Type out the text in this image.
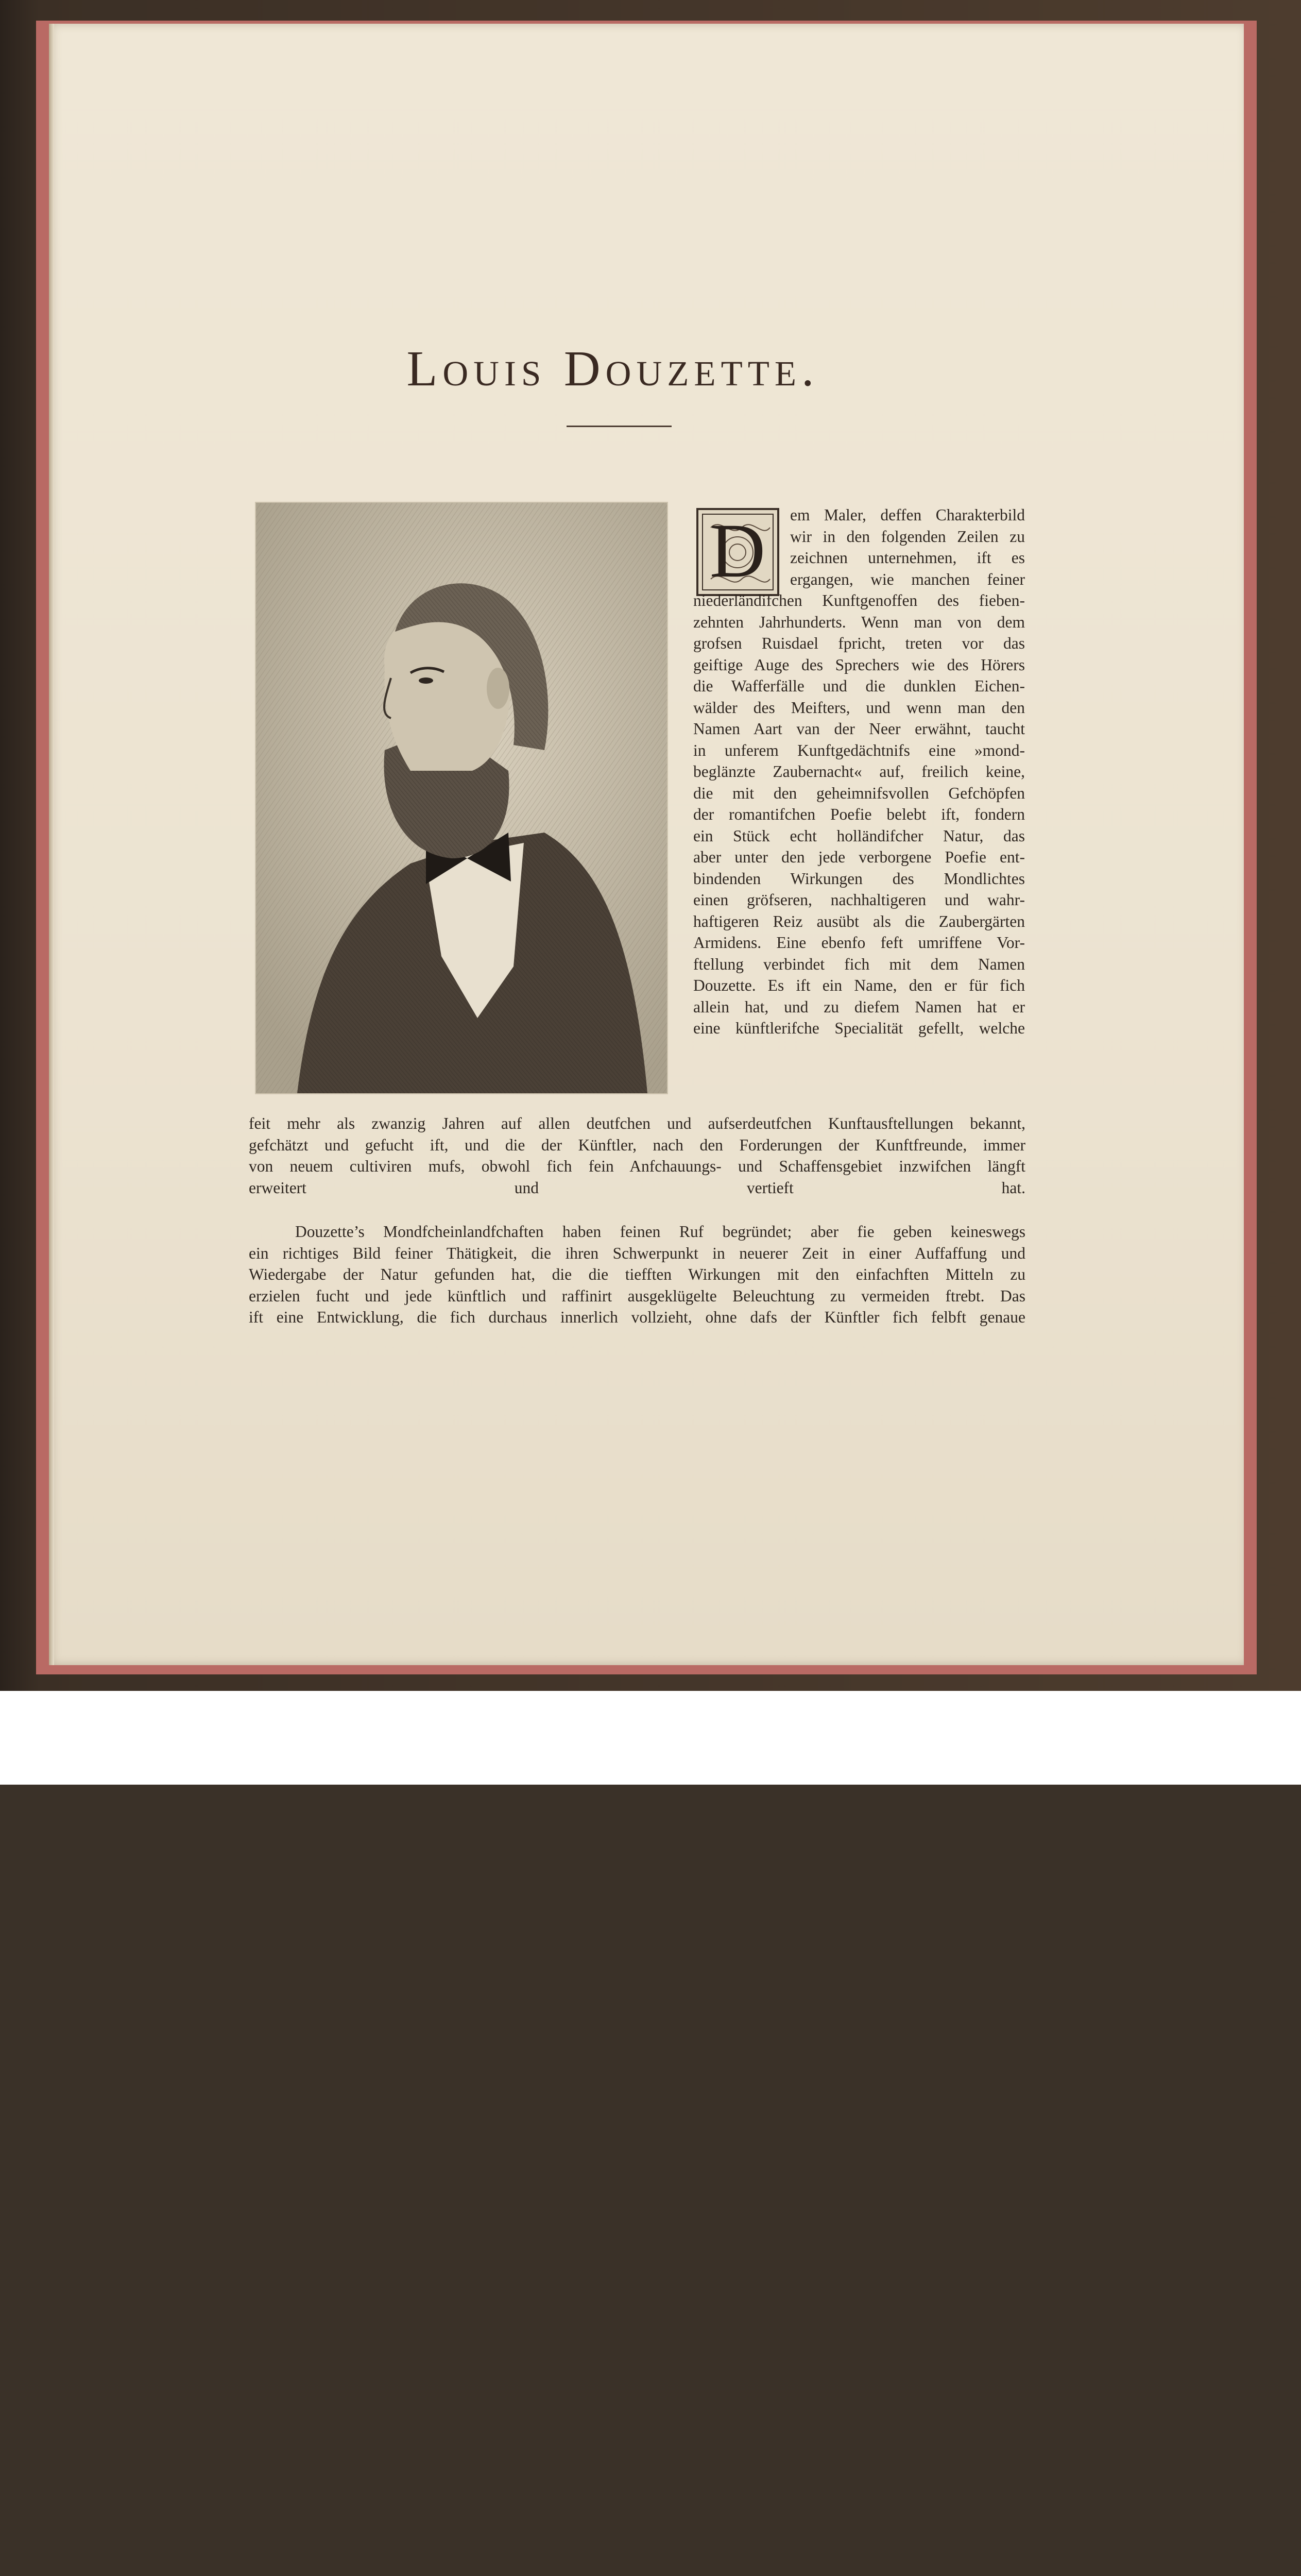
Louis Douzette.
D em Maler, deffen Charakterbild
wir in den folgenden Zeilen zu
zeichnen unternehmen, ift es
ergangen, wie manchen feiner
niederländifchen Kunftgenoffen des fieben-
zehnten Jahrhunderts. Wenn man von dem
grofsen Ruisdael fpricht, treten vor das
geiftige Auge des Sprechers wie des Hörers
die Wafferfälle und die dunklen Eichen-
wälder des Meifters, und wenn man den
Namen Aart van der Neer erwähnt, taucht
in unferem Kunftgedächtnifs eine »mond-
beglänzte Zaubernacht« auf, freilich keine,
die mit den geheimnifsvollen Gefchöpfen
der romantifchen Poefie belebt ift, fondern
ein Stück echt holländifcher Natur, das
aber unter den jede verborgene Poefie ent-
bindenden Wirkungen des Mondlichtes
einen gröfseren, nachhaltigeren und wahr-
haftigeren Reiz ausübt als die Zaubergärten
Armidens. Eine ebenfo feft umriffene Vor-
ftellung verbindet fich mit dem Namen
Douzette. Es ift ein Name, den er für fich
allein hat, und zu diefem Namen hat er
eine künftlerifche Specialität gefellt, welche
feit mehr als zwanzig Jahren auf allen deutfchen und aufserdeutfchen Kunftausftellungen bekannt,
gefchätzt und gefucht ift, und die der Künftler, nach den Forderungen der Kunftfreunde, immer
von neuem cultiviren mufs, obwohl fich fein Anfchauungs- und Schaffensgebiet inzwifchen längft
erweitert und vertieft hat.
Douzette’s Mondfcheinlandfchaften haben feinen Ruf begründet; aber fie geben keineswegs
ein richtiges Bild feiner Thätigkeit, die ihren Schwerpunkt in neuerer Zeit in einer Auffaffung und
Wiedergabe der Natur gefunden hat, die die tiefften Wirkungen mit den einfachften Mitteln zu
erzielen fucht und jede künftlich und raffinirt ausgeklügelte Beleuchtung zu vermeiden ftrebt. Das
ift eine Entwicklung, die fich durchaus innerlich vollzieht, ohne dafs der Künftler fich felbft genaue
